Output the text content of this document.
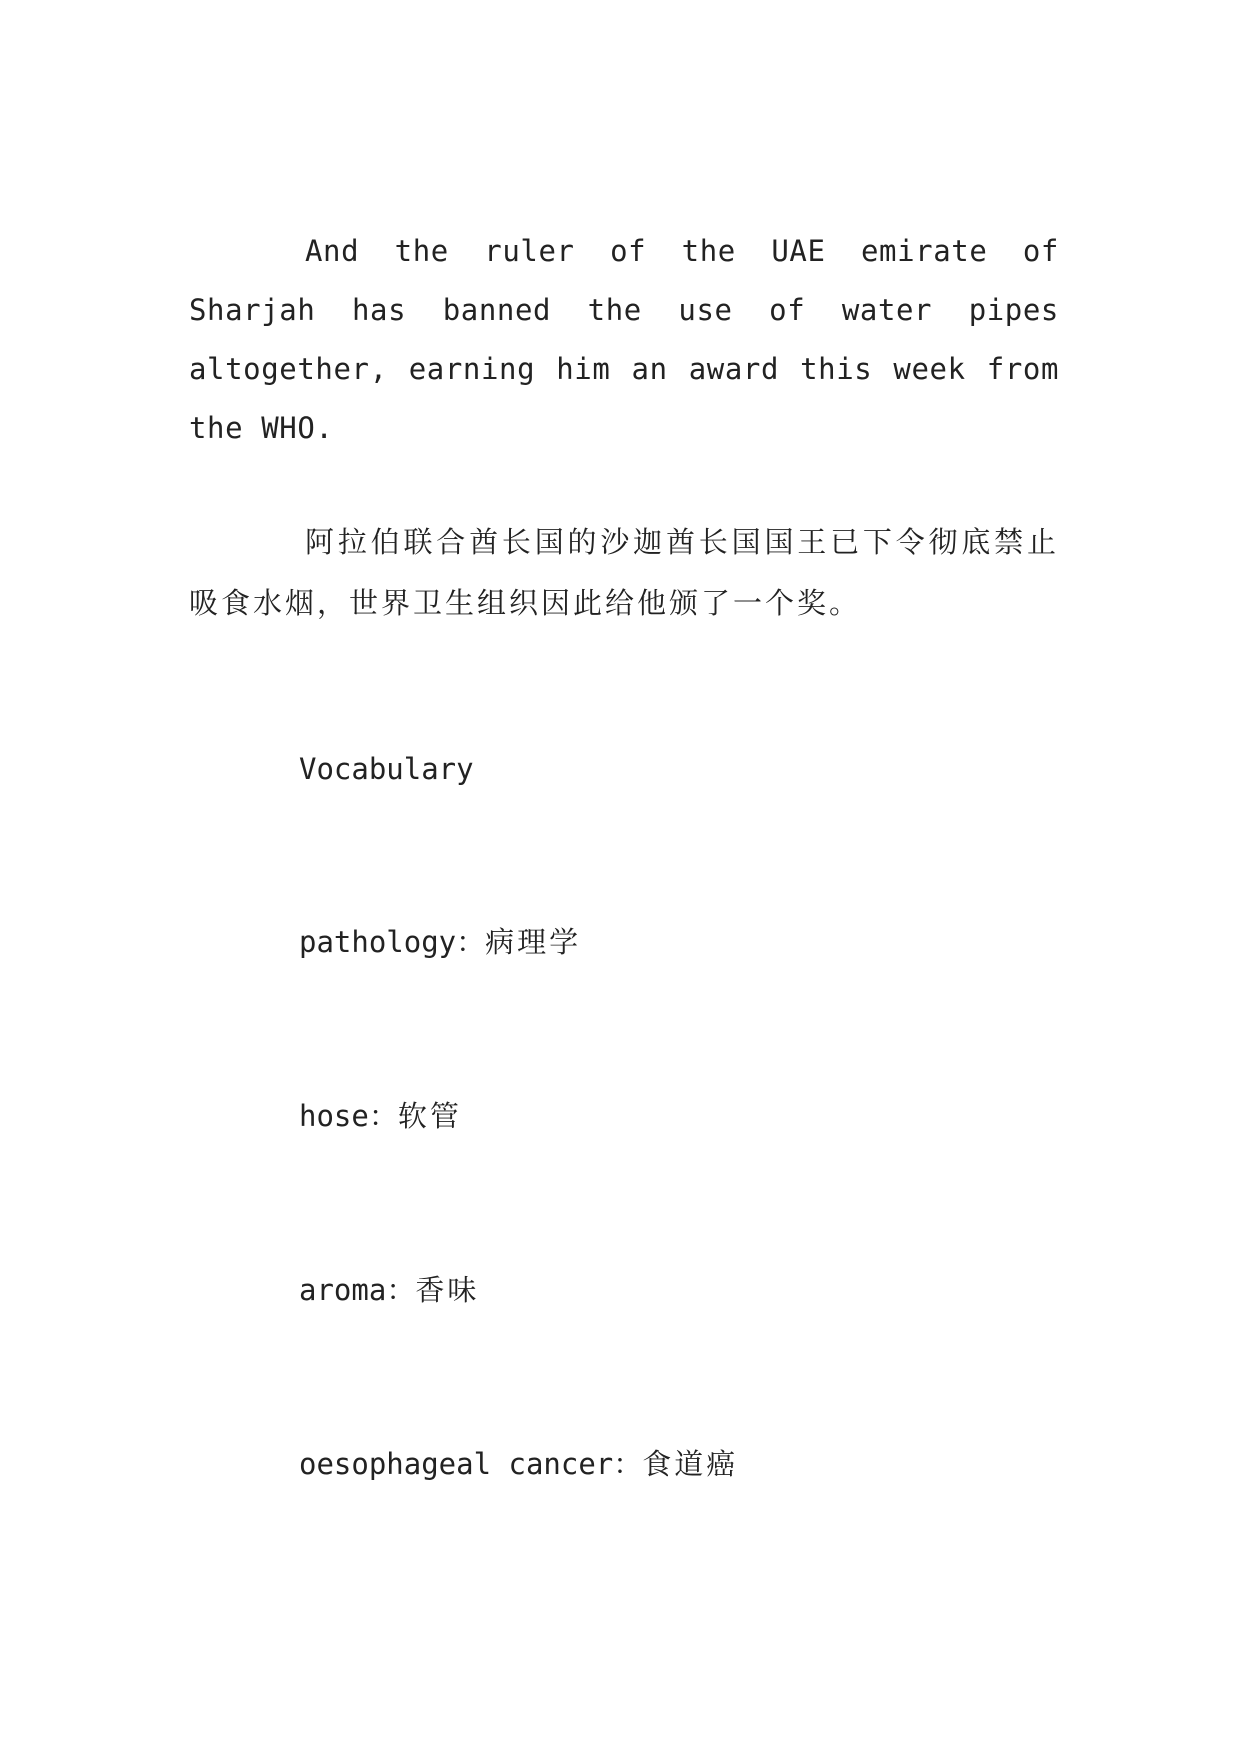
And the ruler of the UAE emirate of Sharjah has banned the use of water pipes altogether, earning him an award this week from the WHO.

阿拉伯联合酋长国的沙迦酋长国国王已下令彻底禁止吸食水烟，世界卫生组织因此给他颁了一个奖。

Vocabulary

pathology：病理学

hose：软管

aroma：香味

oesophageal cancer：食道癌
